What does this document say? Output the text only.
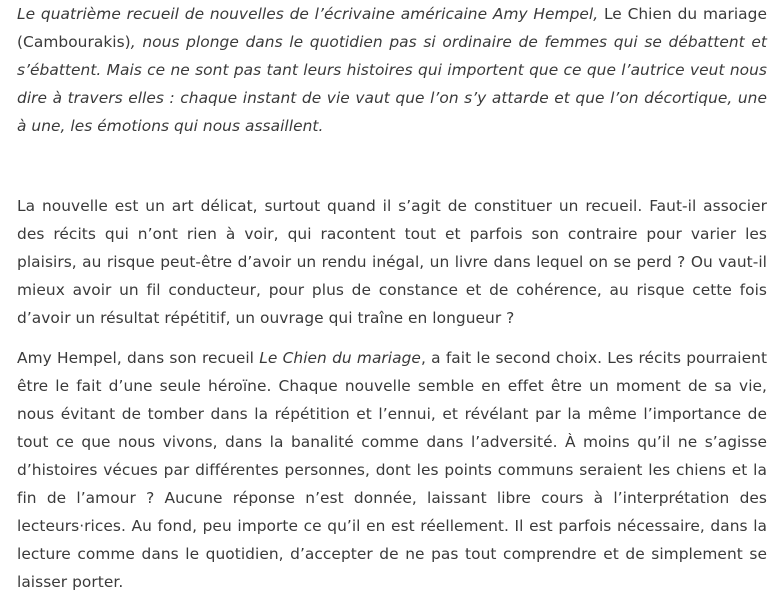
Le quatrième recueil de nouvelles de l’écrivaine américaine Amy Hempel, Le Chien du mariage (Cambourakis), nous plonge dans le quotidien pas si ordinaire de femmes qui se débattent et s’ébattent. Mais ce ne sont pas tant leurs histoires qui importent que ce que l’autrice veut nous dire à travers elles : chaque instant de vie vaut que l’on s’y attarde et que l’on décortique, une à une, les émotions qui nous assaillent.

La nouvelle est un art délicat, surtout quand il s’agit de constituer un recueil. Faut-il associer des récits qui n’ont rien à voir, qui racontent tout et parfois son contraire pour varier les plaisirs, au risque peut-être d’avoir un rendu inégal, un livre dans lequel on se perd ? Ou vaut-il mieux avoir un fil conducteur, pour plus de constance et de cohérence, au risque cette fois d’avoir un résultat répétitif, un ouvrage qui traîne en longueur ?

Amy Hempel, dans son recueil Le Chien du mariage, a fait le second choix. Les récits pourraient être le fait d’une seule héroïne. Chaque nouvelle semble en effet être un moment de sa vie, nous évitant de tomber dans la répétition et l’ennui, et révélant par la même l’importance de tout ce que nous vivons, dans la banalité comme dans l’adversité. À moins qu’il ne s’agisse d’histoires vécues par différentes personnes, dont les points communs seraient les chiens et la fin de l’amour ? Aucune réponse n’est donnée, laissant libre cours à l’interprétation des lecteurs·rices. Au fond, peu importe ce qu’il en est réellement. Il est parfois nécessaire, dans la lecture comme dans le quotidien, d’accepter de ne pas tout comprendre et de simplement se laisser porter.
